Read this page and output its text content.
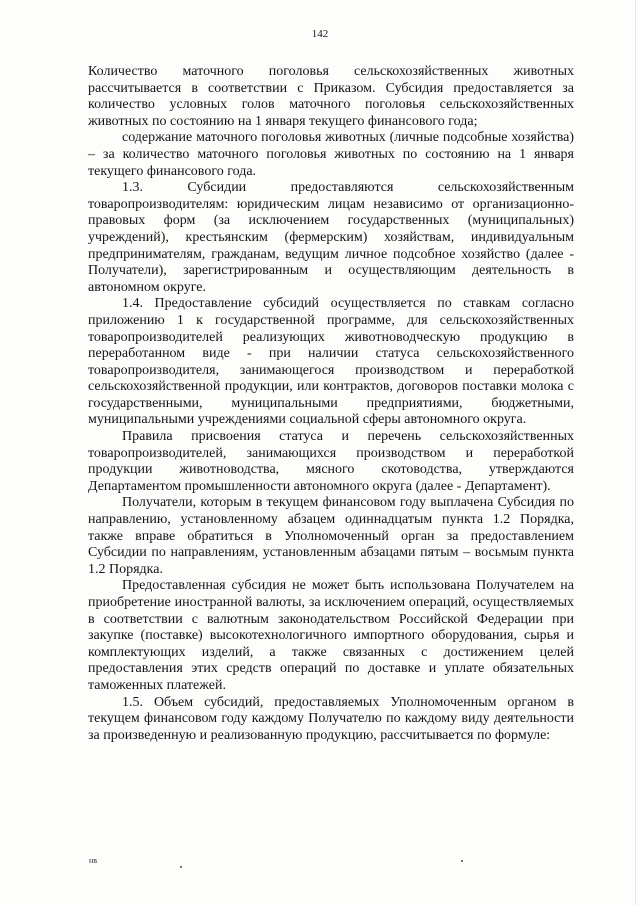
142

Количество маточного поголовья сельскохозяйственных животных рассчитывается в соответствии с Приказом. Субсидия предоставляется за количество условных голов маточного поголовья сельскохозяйственных животных по состоянию на 1 января текущего финансового года;

содержание маточного поголовья животных (личные подсобные хозяйства) – за количество маточного поголовья животных по состоянию на 1 января текущего финансового года.

1.3. Субсидии предоставляются сельскохозяйственным товаропроизводителям: юридическим лицам независимо от организационно-правовых форм (за исключением государственных (муниципальных) учреждений), крестьянским (фермерским) хозяйствам, индивидуальным предпринимателям, гражданам, ведущим личное подсобное хозяйство (далее - Получатели), зарегистрированным и осуществляющим деятельность в автономном округе.

1.4. Предоставление субсидий осуществляется по ставкам согласно приложению 1 к государственной программе, для сельскохозяйственных товаропроизводителей реализующих животноводческую продукцию в переработанном виде - при наличии статуса сельскохозяйственного товаропроизводителя, занимающегося производством и переработкой сельскохозяйственной продукции, или контрактов, договоров поставки молока с государственными, муниципальными предприятиями, бюджетными, муниципальными учреждениями социальной сферы автономного округа.

Правила присвоения статуса и перечень сельскохозяйственных товаропроизводителей, занимающихся производством и переработкой продукции животноводства, мясного скотоводства, утверждаются Департаментом промышленности автономного округа (далее - Департамент).

Получатели, которым в текущем финансовом году выплачена Субсидия по направлению, установленному абзацем одиннадцатым пункта 1.2 Порядка, также вправе обратиться в Уполномоченный орган за предоставлением Субсидии по направлениям, установленным абзацами пятым – восьмым пункта 1.2 Порядка.

Предоставленная субсидия не может быть использована Получателем на приобретение иностранной валюты, за исключением операций, осуществляемых в соответствии с валютным законодательством Российской Федерации при закупке (поставке) высокотехнологичного импортного оборудования, сырья и комплектующих изделий, а также связанных с достижением целей предоставления этих средств операций по доставке и уплате обязательных таможенных платежей.

1.5. Объем субсидий, предоставляемых Уполномоченным органом в текущем финансовом году каждому Получателю по каждому виду деятельности за произведенную и реализованную продукцию, рассчитывается по формуле:

нв
